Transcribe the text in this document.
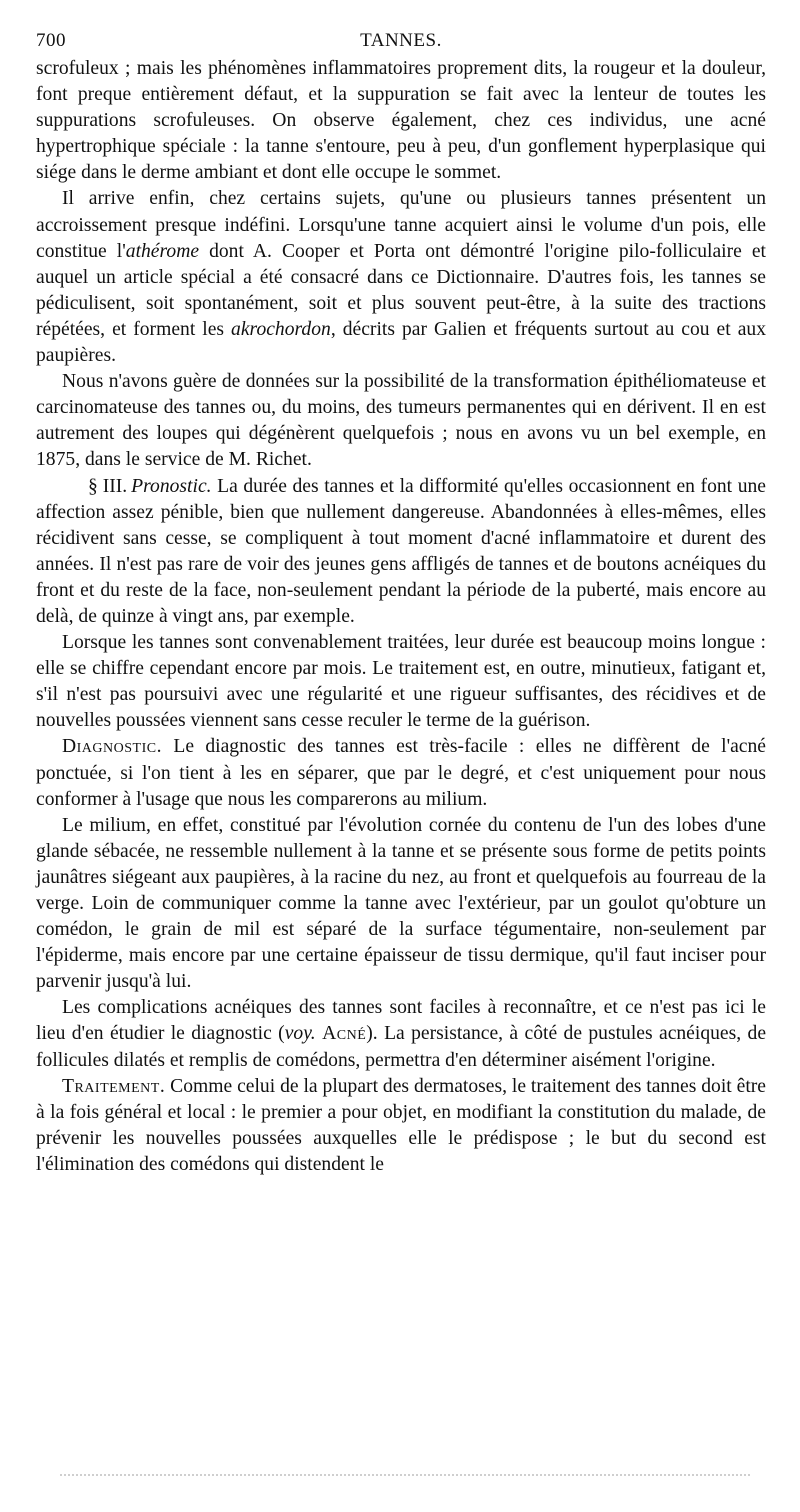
700	TANNES.

scrofuleux ; mais les phénomènes inflammatoires proprement dits, la rougeur et la douleur, font preque entièrement défaut, et la suppuration se fait avec la lenteur de toutes les suppurations scrofuleuses. On observe également, chez ces individus, une acné hypertrophique spéciale : la tanne s'entoure, peu à peu, d'un gonflement hyperplasique qui siége dans le derme ambiant et dont elle occupe le sommet.

Il arrive enfin, chez certains sujets, qu'une ou plusieurs tannes présentent un accroissement presque indéfini. Lorsqu'une tanne acquiert ainsi le volume d'un pois, elle constitue l'athérome dont A. Cooper et Porta ont démontré l'origine pilo-folliculaire et auquel un article spécial a été consacré dans ce Dictionnaire. D'autres fois, les tannes se pédiculisent, soit spontanément, soit et plus souvent peut-être, à la suite des tractions répétées, et forment les akrochordon, décrits par Galien et fréquents surtout au cou et aux paupières.

Nous n'avons guère de données sur la possibilité de la transformation épithéliomateuse et carcinomateuse des tannes ou, du moins, des tumeurs permanentes qui en dérivent. Il en est autrement des loupes qui dégénèrent quelquefois ; nous en avons vu un bel exemple, en 1875, dans le service de M. Richet.

§ III. Pronostic. La durée des tannes et la difformité qu'elles occasionnent en font une affection assez pénible, bien que nullement dangereuse. Abandonnées à elles-mêmes, elles récidivent sans cesse, se compliquent à tout moment d'acné inflammatoire et durent des années. Il n'est pas rare de voir des jeunes gens affligés de tannes et de boutons acnéiques du front et du reste de la face, non-seulement pendant la période de la puberté, mais encore au delà, de quinze à vingt ans, par exemple.

Lorsque les tannes sont convenablement traitées, leur durée est beaucoup moins longue : elle se chiffre cependant encore par mois. Le traitement est, en outre, minutieux, fatigant et, s'il n'est pas poursuivi avec une régularité et une rigueur suffisantes, des récidives et de nouvelles poussées viennent sans cesse reculer le terme de la guérison.

Diagnostic. Le diagnostic des tannes est très-facile : elles ne diffèrent de l'acné ponctuée, si l'on tient à les en séparer, que par le degré, et c'est uniquement pour nous conformer à l'usage que nous les comparerons au milium.

Le milium, en effet, constitué par l'évolution cornée du contenu de l'un des lobes d'une glande sébacée, ne ressemble nullement à la tanne et se présente sous forme de petits points jaunâtres siégeant aux paupières, à la racine du nez, au front et quelquefois au fourreau de la verge. Loin de communiquer comme la tanne avec l'extérieur, par un goulot qu'obture un comédon, le grain de mil est séparé de la surface tégumentaire, non-seulement par l'épiderme, mais encore par une certaine épaisseur de tissu dermique, qu'il faut inciser pour parvenir jusqu'à lui.

Les complications acnéiques des tannes sont faciles à reconnaître, et ce n'est pas ici le lieu d'en étudier le diagnostic (voy. Acné). La persistance, à côté de pustules acnéiques, de follicules dilatés et remplis de comédons, permettra d'en déterminer aisément l'origine.

Traitement. Comme celui de la plupart des dermatoses, le traitement des tannes doit être à la fois général et local : le premier a pour objet, en modifiant la constitution du malade, de prévenir les nouvelles poussées auxquelles elle le prédispose ; le but du second est l'élimination des comédons qui distendent le
